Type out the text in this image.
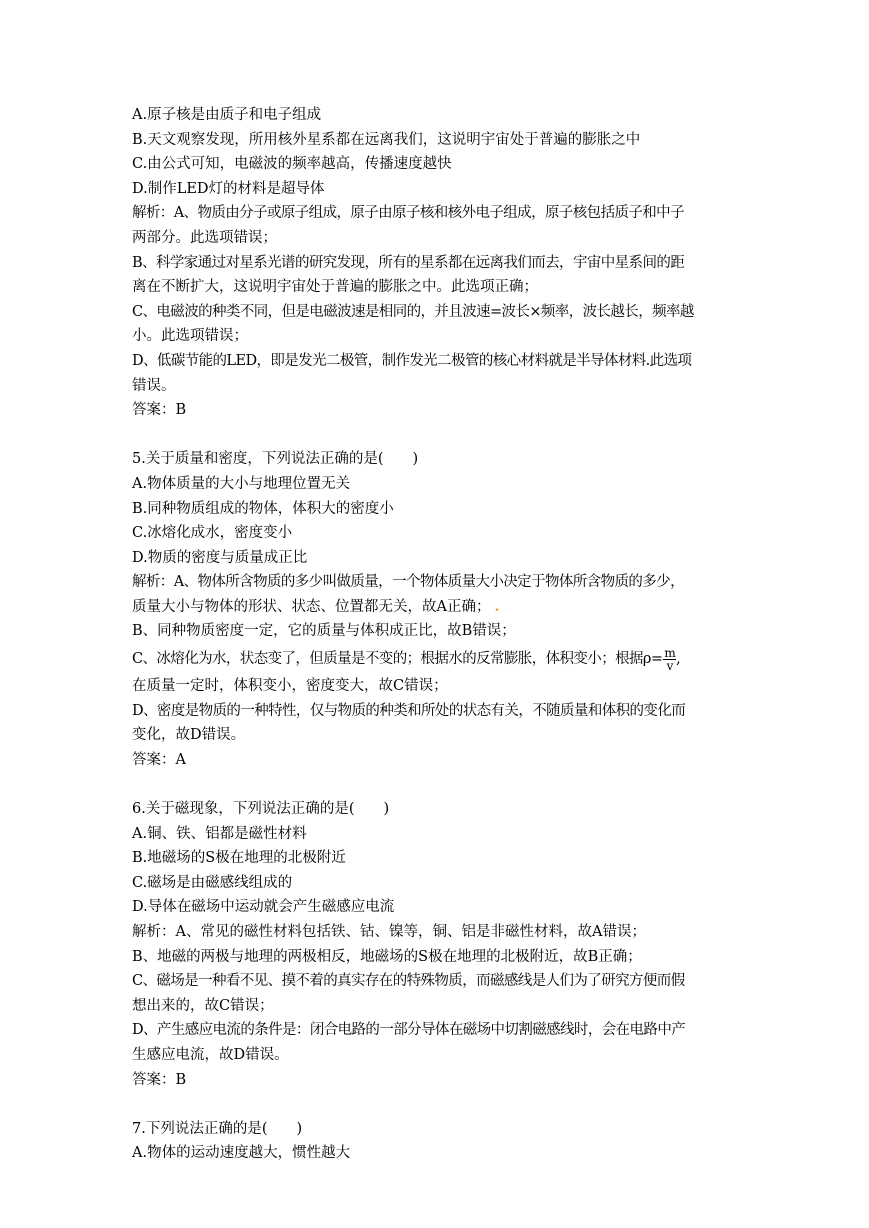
A.原子核是由质子和电子组成
B.天文观察发现，所用核外星系都在远离我们，这说明宇宙处于普遍的膨胀之中
C.由公式可知，电磁波的频率越高，传播速度越快
D.制作LED灯的材料是超导体
解析：A、物质由分子或原子组成，原子由原子核和核外电子组成，原子核包括质子和中子
两部分。此选项错误；
B、科学家通过对星系光谱的研究发现，所有的星系都在远离我们而去，宇宙中星系间的距
离在不断扩大，这说明宇宙处于普遍的膨胀之中。此选项正确；
C、电磁波的种类不同，但是电磁波速是相同的，并且波速=波长×频率，波长越长，频率越
小。此选项错误；
D、低碳节能的LED，即是发光二极管，制作发光二极管的核心材料就是半导体材料.此选项
错误。
答案：B
5.关于质量和密度，下列说法正确的是(　　)
A.物体质量的大小与地理位置无关
B.同种物质组成的物体，体积大的密度小
C.冰熔化成水，密度变小
D.物质的密度与质量成正比
解析：A、物体所含物质的多少叫做质量，一个物体质量大小决定于物体所含物质的多少，
质量大小与物体的形状、状态、位置都无关，故A正确； .
B、同种物质密度一定，它的质量与体积成正比，故B错误；
C、冰熔化为水，状态变了，但质量是不变的；根据水的反常膨胀，体积变小；根据$\rho= \frac{m}{v}$ ,
在质量一定时，体积变小，密度变大，故C错误；
D、密度是物质的一种特性，仅与物质的种类和所处的状态有关，不随质量和体积的变化而
变化，故D错误。
答案：A
6.关于磁现象，下列说法正确的是(　　)
A.铜、铁、铝都是磁性材料
B.地磁场的S极在地理的北极附近
C.磁场是由磁感线组成的
D.导体在磁场中运动就会产生磁感应电流
解析：A、常见的磁性材料包括铁、钴、镍等，铜、铝是非磁性材料，故A错误；
B、地磁的两极与地理的两极相反，地磁场的S极在地理的北极附近，故B正确；
C、磁场是一种看不见、摸不着的真实存在的特殊物质，而磁感线是人们为了研究方便而假
想出来的，故C错误；
D、产生感应电流的条件是：闭合电路的一部分导体在磁场中切割磁感线时，会在电路中产
生感应电流，故D错误。
答案：B
7.下列说法正确的是(　　)
A.物体的运动速度越大，惯性越大
